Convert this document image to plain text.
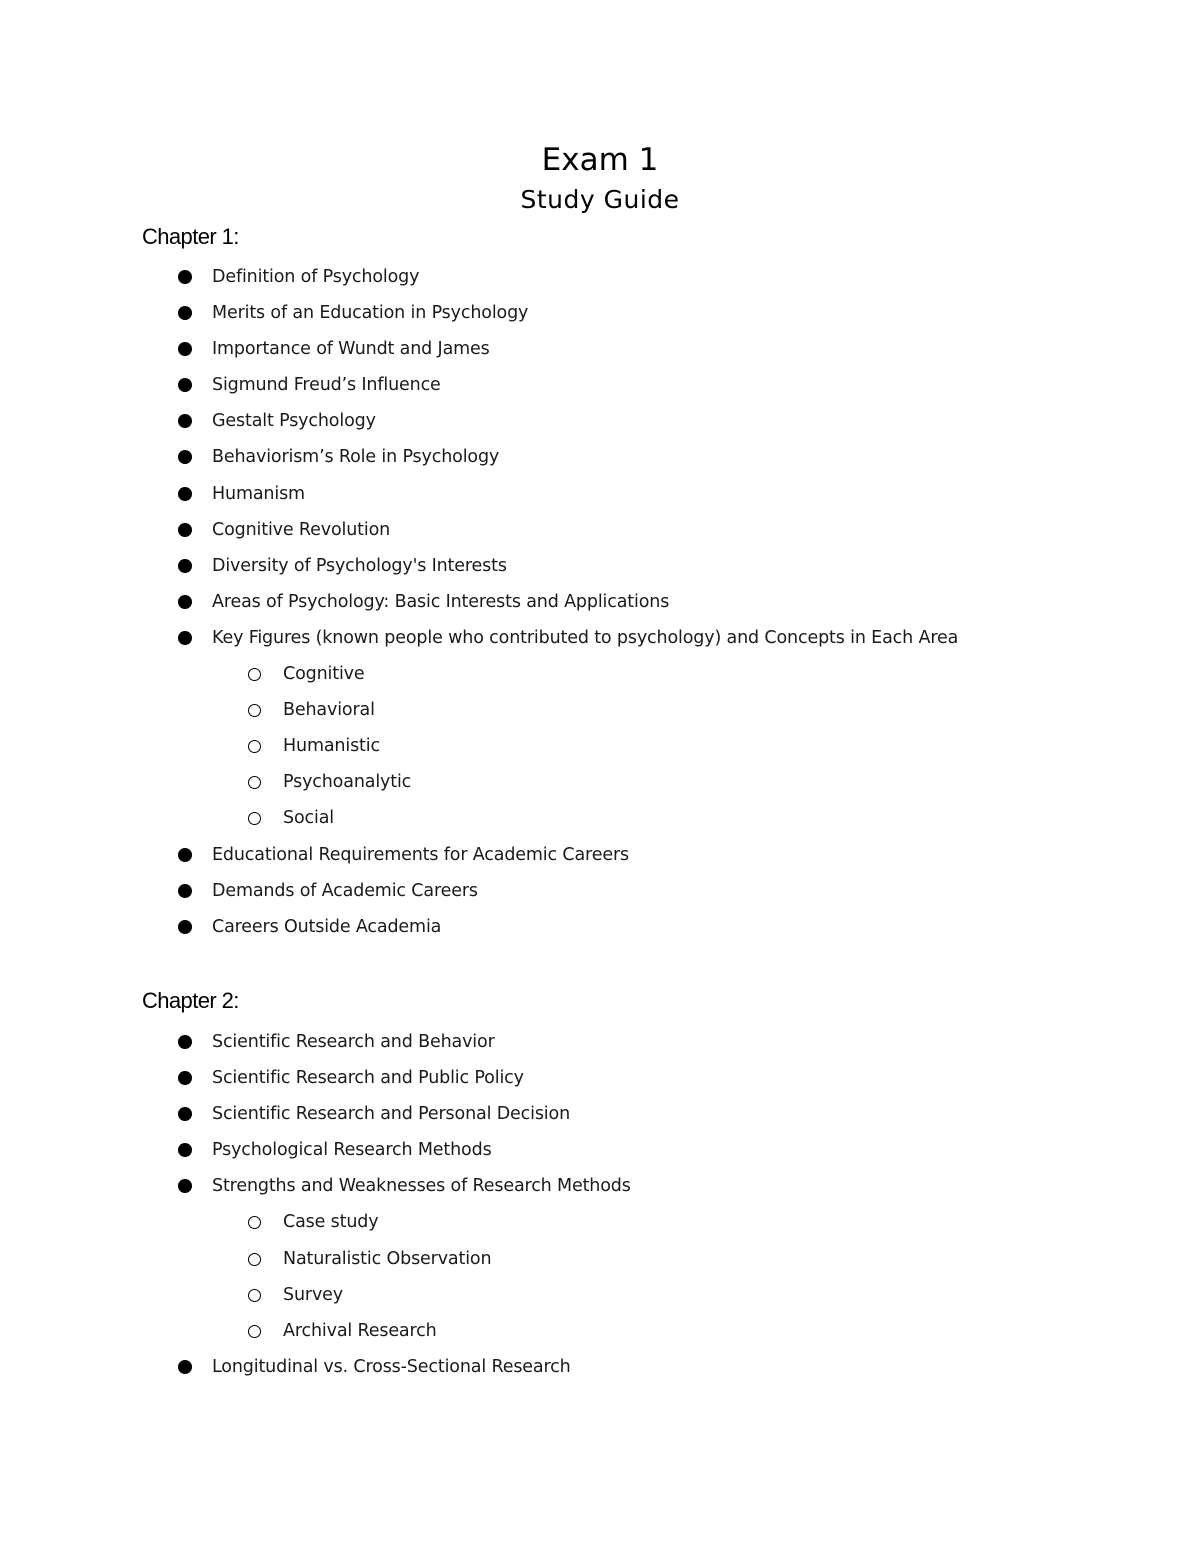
Exam 1
Study Guide
Chapter 1:
Definition of Psychology
Merits of an Education in Psychology
Importance of Wundt and James
Sigmund Freud’s Influence
Gestalt Psychology
Behaviorism’s Role in Psychology
Humanism
Cognitive Revolution
Diversity of Psychology's Interests
Areas of Psychology: Basic Interests and Applications
Key Figures (known people who contributed to psychology) and Concepts in Each Area
Cognitive
Behavioral
Humanistic
Psychoanalytic
Social
Educational Requirements for Academic Careers
Demands of Academic Careers
Careers Outside Academia
Chapter 2:
Scientific Research and Behavior
Scientific Research and Public Policy
Scientific Research and Personal Decision
Psychological Research Methods
Strengths and Weaknesses of Research Methods
Case study
Naturalistic Observation
Survey
Archival Research
Longitudinal vs. Cross-Sectional Research
